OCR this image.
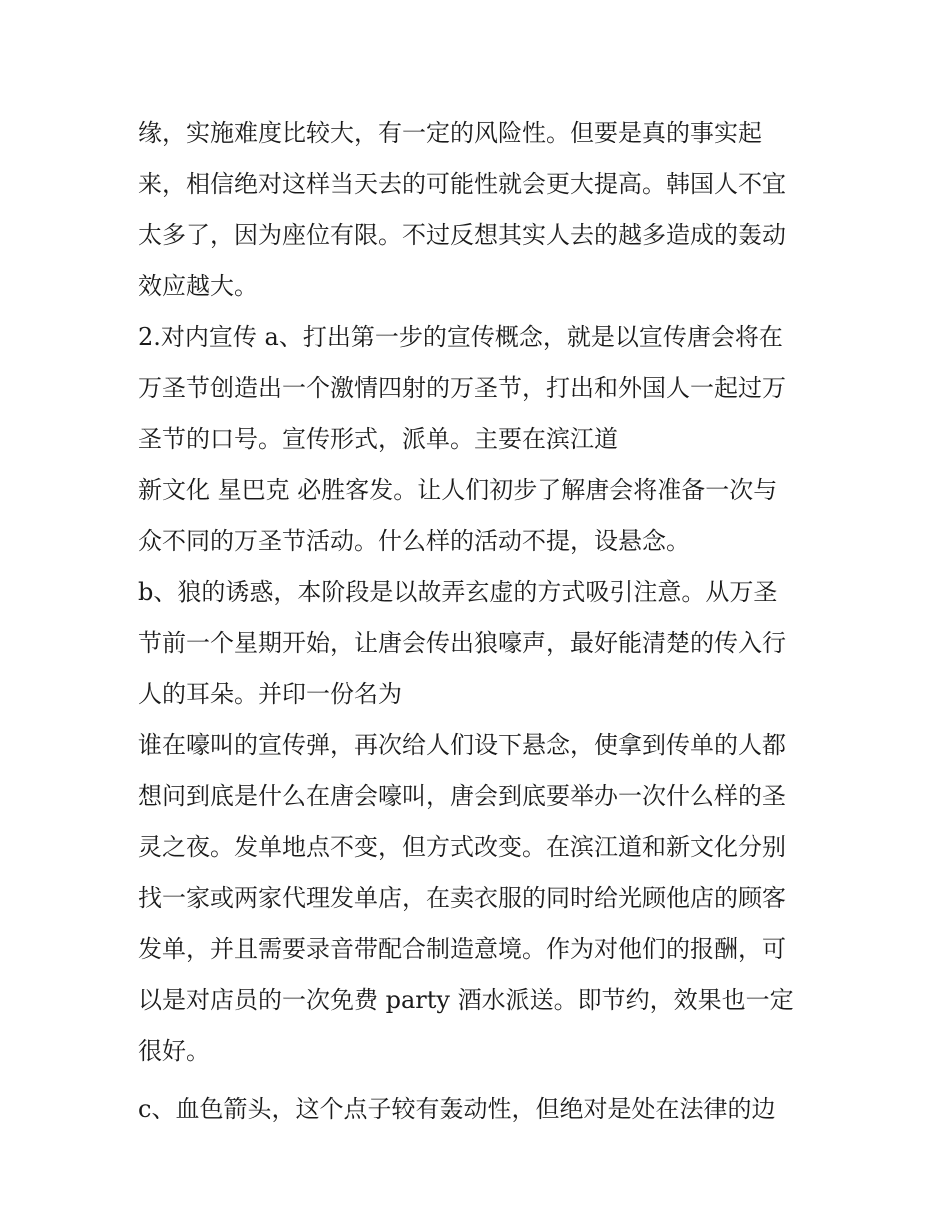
缘，实施难度比较大，有一定的风险性。但要是真的事实起
来，相信绝对这样当天去的可能性就会更大提高。韩国人不宜
太多了，因为座位有限。不过反想其实人去的越多造成的轰动
效应越大。
2.对内宣传 a、打出第一步的宣传概念，就是以宣传唐会将在
万圣节创造出一个激情四射的万圣节，打出和外国人一起过万
圣节的口号。宣传形式，派单。主要在滨江道
新文化 星巴克 必胜客发。让人们初步了解唐会将准备一次与
众不同的万圣节活动。什么样的活动不提，设悬念。
b、狼的诱惑，本阶段是以故弄玄虚的方式吸引注意。从万圣
节前一个星期开始，让唐会传出狼嚎声，最好能清楚的传入行
人的耳朵。并印一份名为
谁在嚎叫的宣传弹，再次给人们设下悬念，使拿到传单的人都
想问到底是什么在唐会嚎叫，唐会到底要举办一次什么样的圣
灵之夜。发单地点不变，但方式改变。在滨江道和新文化分别
找一家或两家代理发单店，在卖衣服的同时给光顾他店的顾客
发单，并且需要录音带配合制造意境。作为对他们的报酬，可
以是对店员的一次免费 party 酒水派送。即节约，效果也一定
很好。
c、血色箭头，这个点子较有轰动性，但绝对是处在法律的边
